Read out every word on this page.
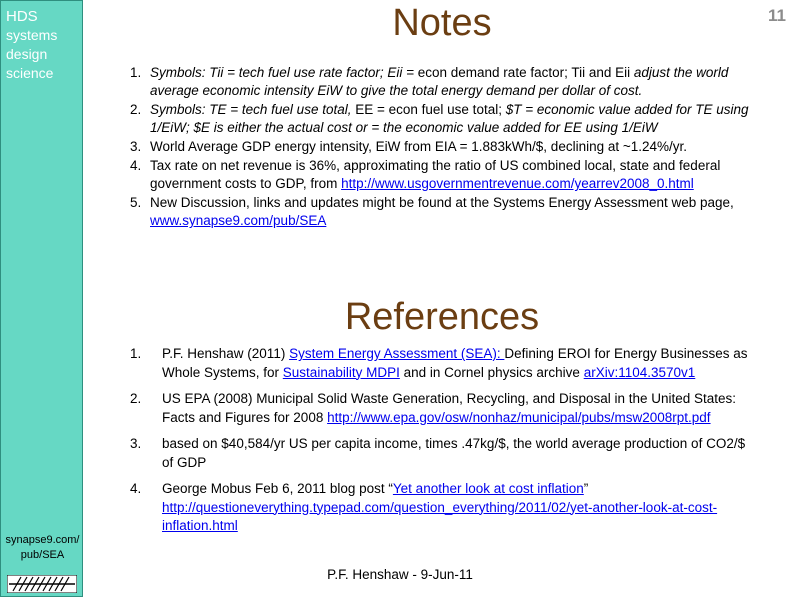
HDS
systems
design
science
synapse9.com/
pub/SEA
11
Notes
1. Symbols: Tii = tech fuel use rate factor; Eii = econ demand rate factor; Tii and Eii adjust the world average economic intensity EiW to give the total energy demand per dollar of cost.
2. Symbols: TE = tech fuel use total, EE = econ fuel use total; $T = economic value added for TE using 1/EiW; $E is either the actual cost or = the economic value added for EE using 1/EiW
3. World Average GDP energy intensity, EiW from EIA = 1.883kWh/$, declining at ~1.24%/yr.
4. Tax rate on net revenue is 36%, approximating the ratio of US combined local, state and federal government costs to GDP, from http://www.usgovernmentrevenue.com/yearrev2008_0.html
5. New Discussion, links and updates might be found at the Systems Energy Assessment web page, www.synapse9.com/pub/SEA
References
1. P.F. Henshaw (2011) System Energy Assessment (SEA): Defining EROI for Energy Businesses as Whole Systems, for Sustainability MDPI and in Cornel physics archive arXiv:1104.3570v1
2. US EPA (2008) Municipal Solid Waste Generation, Recycling, and Disposal in the United States: Facts and Figures for 2008 http://www.epa.gov/osw/nonhaz/municipal/pubs/msw2008rpt.pdf
3. based on $40,584/yr US per capita income, times .47kg/$, the world average production of CO2/$ of GDP
4. George Mobus Feb 6, 2011 blog post “Yet another look at cost inflation” http://questioneverything.typepad.com/question_everything/2011/02/yet-another-look-at-cost-inflation.html
P.F. Henshaw - 9-Jun-11
